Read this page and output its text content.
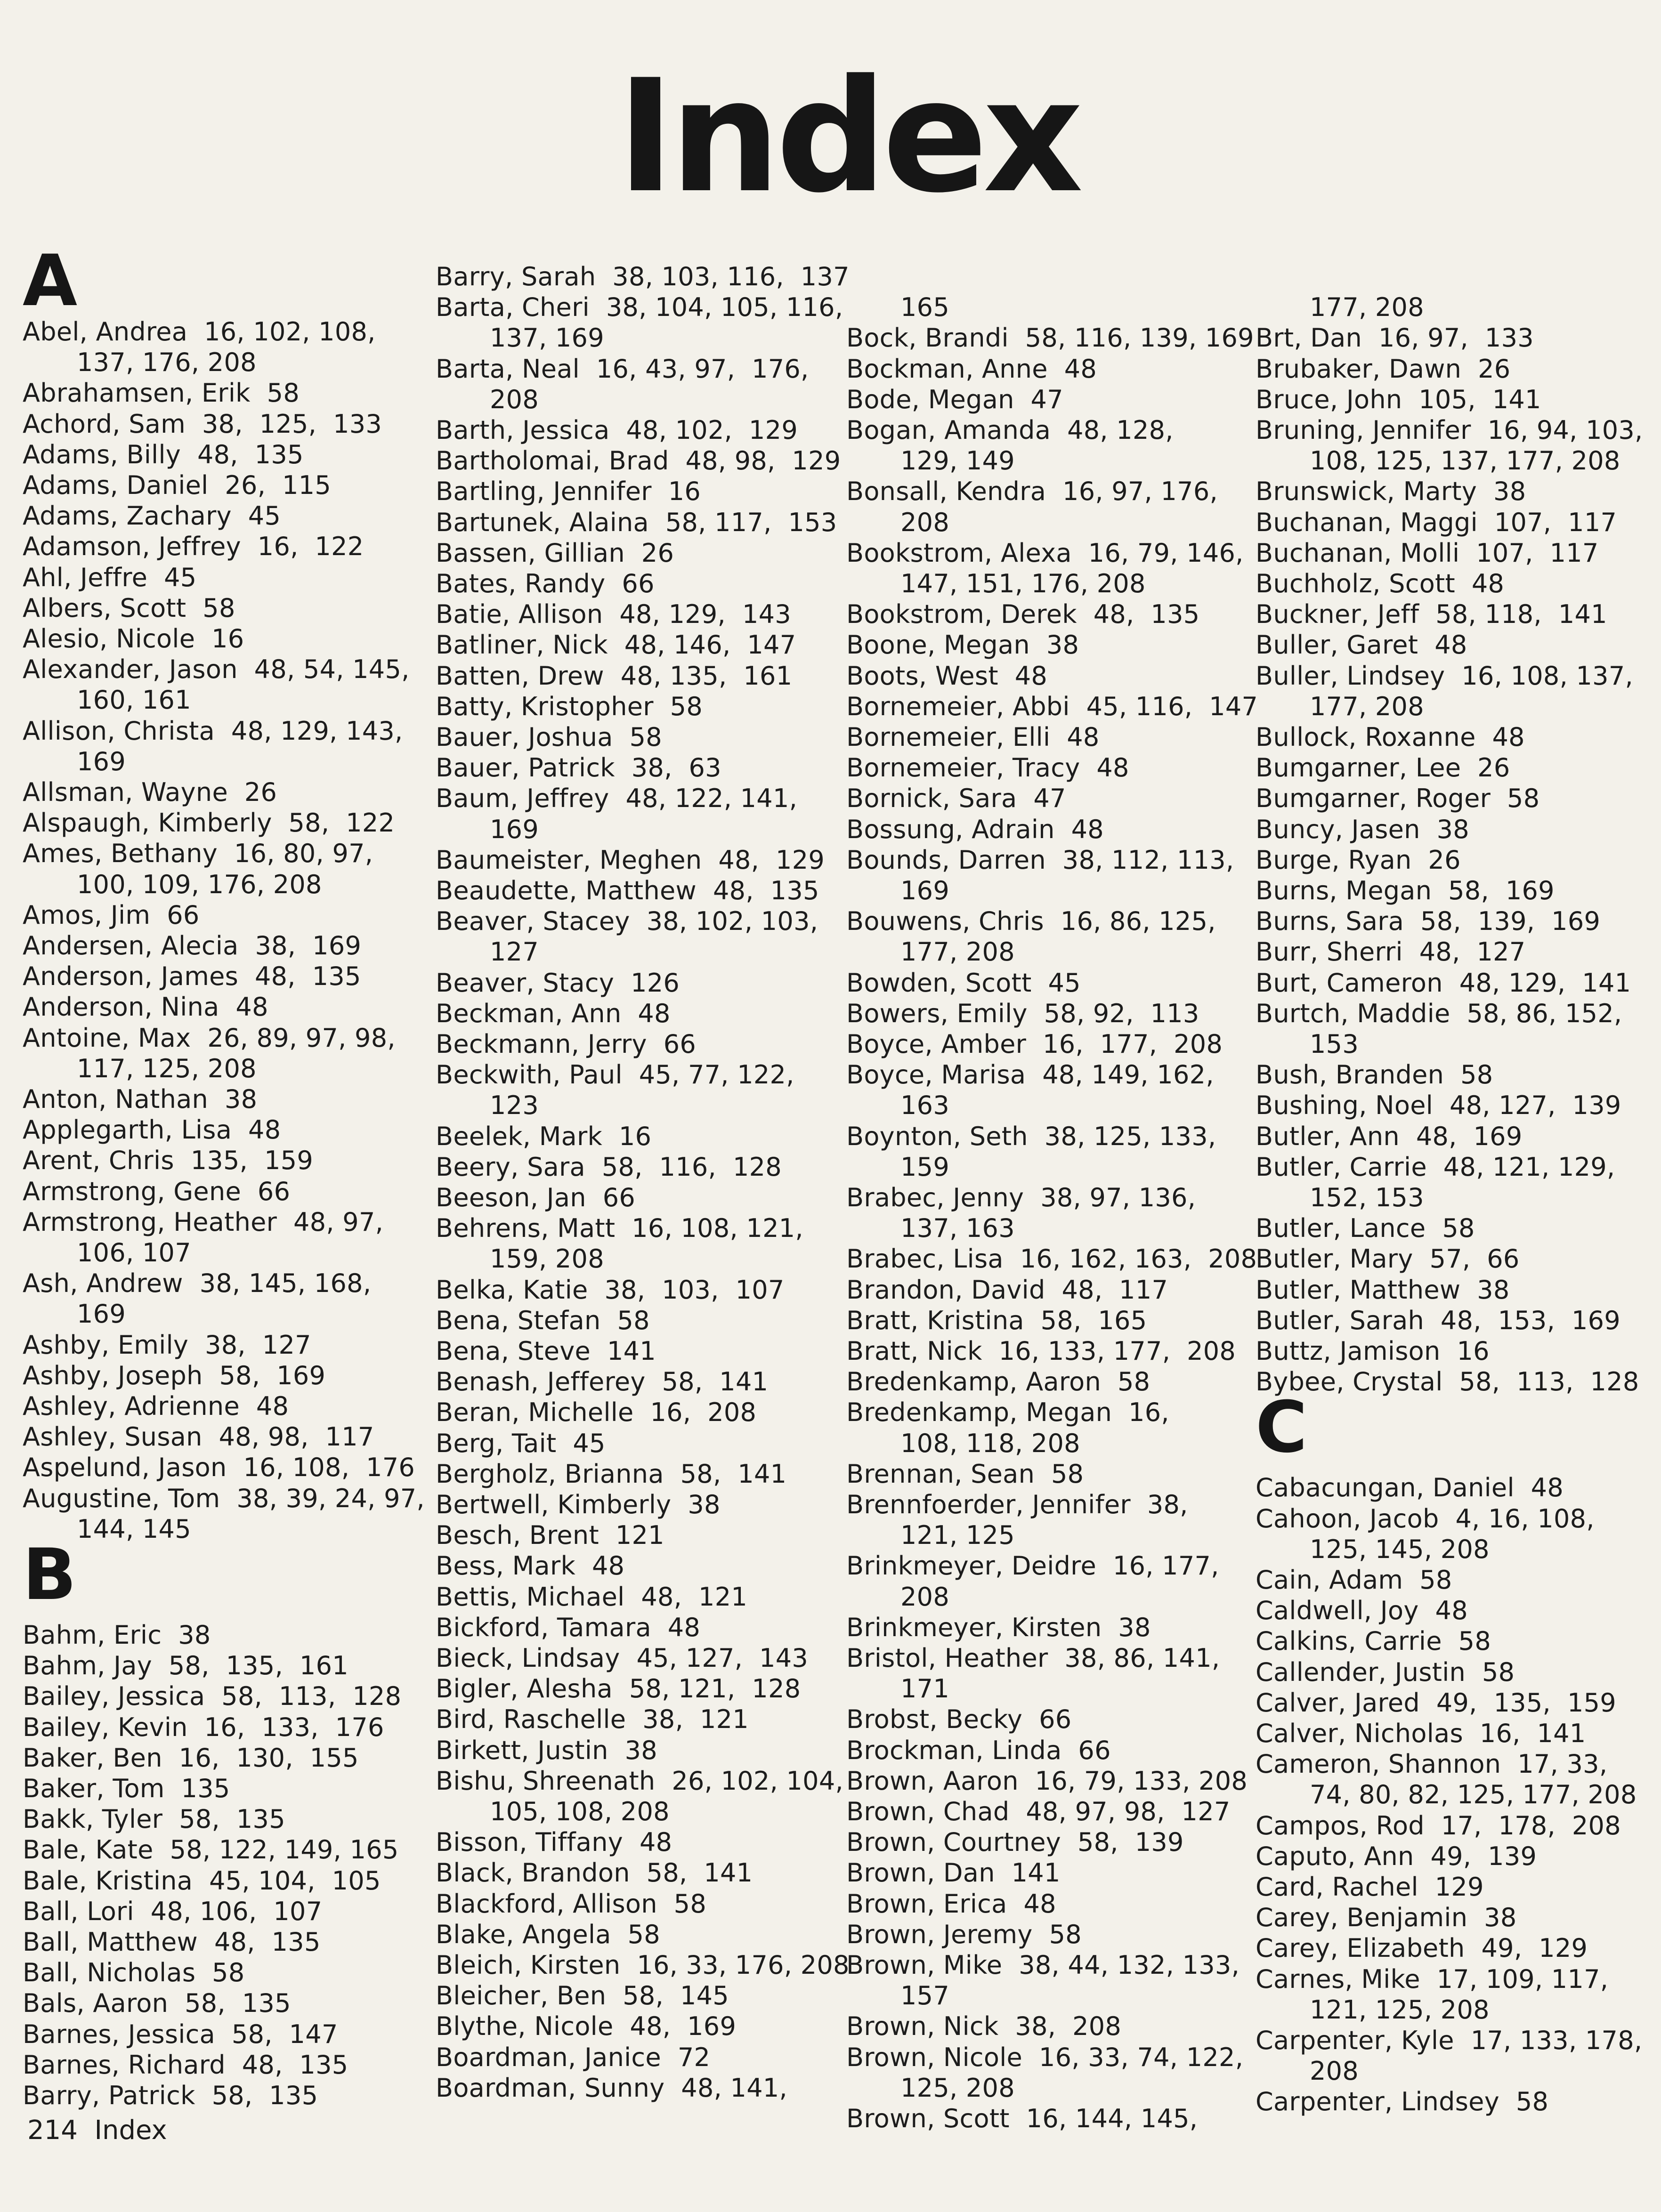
Index
A
Abel, Andrea  16, 102, 108,
137, 176, 208
Abrahamsen, Erik  58
Achord, Sam  38,  125,  133
Adams, Billy  48,  135
Adams, Daniel  26,  115
Adams, Zachary  45
Adamson, Jeffrey  16,  122
Ahl, Jeffre  45
Albers, Scott  58
Alesio, Nicole  16
Alexander, Jason  48, 54, 145,
160, 161
Allison, Christa  48, 129, 143,
169
Allsman, Wayne  26
Alspaugh, Kimberly  58,  122
Ames, Bethany  16, 80, 97,
100, 109, 176, 208
Amos, Jim  66
Andersen, Alecia  38,  169
Anderson, James  48,  135
Anderson, Nina  48
Antoine, Max  26, 89, 97, 98,
117, 125, 208
Anton, Nathan  38
Applegarth, Lisa  48
Arent, Chris  135,  159
Armstrong, Gene  66
Armstrong, Heather  48, 97,
106, 107
Ash, Andrew  38, 145, 168,
169
Ashby, Emily  38,  127
Ashby, Joseph  58,  169
Ashley, Adrienne  48
Ashley, Susan  48, 98,  117
Aspelund, Jason  16, 108,  176
Augustine, Tom  38, 39, 24, 97,
144, 145
B
Bahm, Eric  38
Bahm, Jay  58,  135,  161
Bailey, Jessica  58,  113,  128
Bailey, Kevin  16,  133,  176
Baker, Ben  16,  130,  155
Baker, Tom  135
Bakk, Tyler  58,  135
Bale, Kate  58, 122, 149, 165
Bale, Kristina  45, 104,  105
Ball, Lori  48, 106,  107
Ball, Matthew  48,  135
Ball, Nicholas  58
Bals, Aaron  58,  135
Barnes, Jessica  58,  147
Barnes, Richard  48,  135
Barry, Patrick  58,  135
Barry, Sarah  38, 103, 116,  137
Barta, Cheri  38, 104, 105, 116,
137, 169
Barta, Neal  16, 43, 97,  176,
208
Barth, Jessica  48, 102,  129
Bartholomai, Brad  48, 98,  129
Bartling, Jennifer  16
Bartunek, Alaina  58, 117,  153
Bassen, Gillian  26
Bates, Randy  66
Batie, Allison  48, 129,  143
Batliner, Nick  48, 146,  147
Batten, Drew  48, 135,  161
Batty, Kristopher  58
Bauer, Joshua  58
Bauer, Patrick  38,  63
Baum, Jeffrey  48, 122, 141,
169
Baumeister, Meghen  48,  129
Beaudette, Matthew  48,  135
Beaver, Stacey  38, 102, 103,
127
Beaver, Stacy  126
Beckman, Ann  48
Beckmann, Jerry  66
Beckwith, Paul  45, 77, 122,
123
Beelek, Mark  16
Beery, Sara  58,  116,  128
Beeson, Jan  66
Behrens, Matt  16, 108, 121,
159, 208
Belka, Katie  38,  103,  107
Bena, Stefan  58
Bena, Steve  141
Benash, Jefferey  58,  141
Beran, Michelle  16,  208
Berg, Tait  45
Bergholz, Brianna  58,  141
Bertwell, Kimberly  38
Besch, Brent  121
Bess, Mark  48
Bettis, Michael  48,  121
Bickford, Tamara  48
Bieck, Lindsay  45, 127,  143
Bigler, Alesha  58, 121,  128
Bird, Raschelle  38,  121
Birkett, Justin  38
Bishu, Shreenath  26, 102, 104,
105, 108, 208
Bisson, Tiffany  48
Black, Brandon  58,  141
Blackford, Allison  58
Blake, Angela  58
Bleich, Kirsten  16, 33, 176, 208
Bleicher, Ben  58,  145
Blythe, Nicole  48,  169
Boardman, Janice  72
Boardman, Sunny  48, 141,
165
Bock, Brandi  58, 116, 139, 169
Bockman, Anne  48
Bode, Megan  47
Bogan, Amanda  48, 128,
129, 149
Bonsall, Kendra  16, 97, 176,
208
Bookstrom, Alexa  16, 79, 146,
147, 151, 176, 208
Bookstrom, Derek  48,  135
Boone, Megan  38
Boots, West  48
Bornemeier, Abbi  45, 116,  147
Bornemeier, Elli  48
Bornemeier, Tracy  48
Bornick, Sara  47
Bossung, Adrain  48
Bounds, Darren  38, 112, 113,
169
Bouwens, Chris  16, 86, 125,
177, 208
Bowden, Scott  45
Bowers, Emily  58, 92,  113
Boyce, Amber  16,  177,  208
Boyce, Marisa  48, 149, 162,
163
Boynton, Seth  38, 125, 133,
159
Brabec, Jenny  38, 97, 136,
137, 163
Brabec, Lisa  16, 162, 163,  208
Brandon, David  48,  117
Bratt, Kristina  58,  165
Bratt, Nick  16, 133, 177,  208
Bredenkamp, Aaron  58
Bredenkamp, Megan  16,
108, 118, 208
Brennan, Sean  58
Brennfoerder, Jennifer  38,
121, 125
Brinkmeyer, Deidre  16, 177,
208
Brinkmeyer, Kirsten  38
Bristol, Heather  38, 86, 141,
171
Brobst, Becky  66
Brockman, Linda  66
Brown, Aaron  16, 79, 133, 208
Brown, Chad  48, 97, 98,  127
Brown, Courtney  58,  139
Brown, Dan  141
Brown, Erica  48
Brown, Jeremy  58
Brown, Mike  38, 44, 132, 133,
157
Brown, Nick  38,  208
Brown, Nicole  16, 33, 74, 122,
125, 208
Brown, Scott  16, 144, 145,
177, 208
Brt, Dan  16, 97,  133
Brubaker, Dawn  26
Bruce, John  105,  141
Bruning, Jennifer  16, 94, 103,
108, 125, 137, 177, 208
Brunswick, Marty  38
Buchanan, Maggi  107,  117
Buchanan, Molli  107,  117
Buchholz, Scott  48
Buckner, Jeff  58, 118,  141
Buller, Garet  48
Buller, Lindsey  16, 108, 137,
177, 208
Bullock, Roxanne  48
Bumgarner, Lee  26
Bumgarner, Roger  58
Buncy, Jasen  38
Burge, Ryan  26
Burns, Megan  58,  169
Burns, Sara  58,  139,  169
Burr, Sherri  48,  127
Burt, Cameron  48, 129,  141
Burtch, Maddie  58, 86, 152,
153
Bush, Branden  58
Bushing, Noel  48, 127,  139
Butler, Ann  48,  169
Butler, Carrie  48, 121, 129,
152, 153
Butler, Lance  58
Butler, Mary  57,  66
Butler, Matthew  38
Butler, Sarah  48,  153,  169
Buttz, Jamison  16
Bybee, Crystal  58,  113,  128
C
Cabacungan, Daniel  48
Cahoon, Jacob  4, 16, 108,
125, 145, 208
Cain, Adam  58
Caldwell, Joy  48
Calkins, Carrie  58
Callender, Justin  58
Calver, Jared  49,  135,  159
Calver, Nicholas  16,  141
Cameron, Shannon  17, 33,
74, 80, 82, 125, 177, 208
Campos, Rod  17,  178,  208
Caputo, Ann  49,  139
Card, Rachel  129
Carey, Benjamin  38
Carey, Elizabeth  49,  129
Carnes, Mike  17, 109, 117,
121, 125, 208
Carpenter, Kyle  17, 133, 178,
208
Carpenter, Lindsey  58
214 Index
